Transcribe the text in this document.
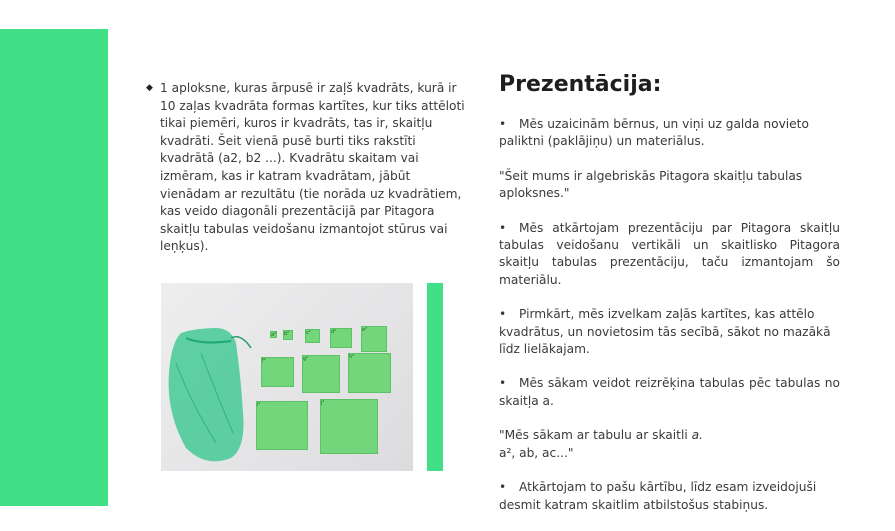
◆ 1 aploksne, kuras ārpusē ir zaļš kvadrāts, kurā ir 10 zaļas kvadrāta formas kartītes, kur tiks attēloti tikai piemēri, kuros ir kvadrāts, tas ir, skaitļu kvadrāti. Šeit vienā pusē burti tiks rakstīti kvadrātā (a2, b2 ...). Kvadrātu skaitam vai izmēram, kas ir katram kvadrātam, jābūt vienādam ar rezultātu (tie norāda uz kvadrātiem, kas veido diagonāli prezentācijā par Pitagora skaitļu tabulas veidošanu izmantojot stūrus vai leņķus).
a² b²	c²	d²	e²
f²	g²	h²
i²	j²
Prezentācija:

• Mēs uzaicinām bērnus, un viņi uz galda novieto paliktni (paklājiņu) un materiālus.

"Šeit mums ir algebriskās Pitagora skaitļu tabulas aploksnes."

• Mēs atkārtojam prezentāciju par Pitagora skaitļu tabulas veidošanu vertikāli un skaitlisko Pitagora skaitļu tabulas prezentāciju, taču izmantojam šo materiālu.

• Pirmkārt, mēs izvelkam zaļās kartītes, kas attēlo kvadrātus, un novietosim tās secībā, sākot no mazākā līdz lielākajam.

• Mēs sākam veidot reizrēķina tabulas pēc tabulas no skaitļa a.

"Mēs sākam ar tabulu ar skaitli a.
a², ab, ac..."

• Atkārtojam to pašu kārtību, līdz esam izveidojuši desmit katram skaitlim atbilstošus stabiņus.
